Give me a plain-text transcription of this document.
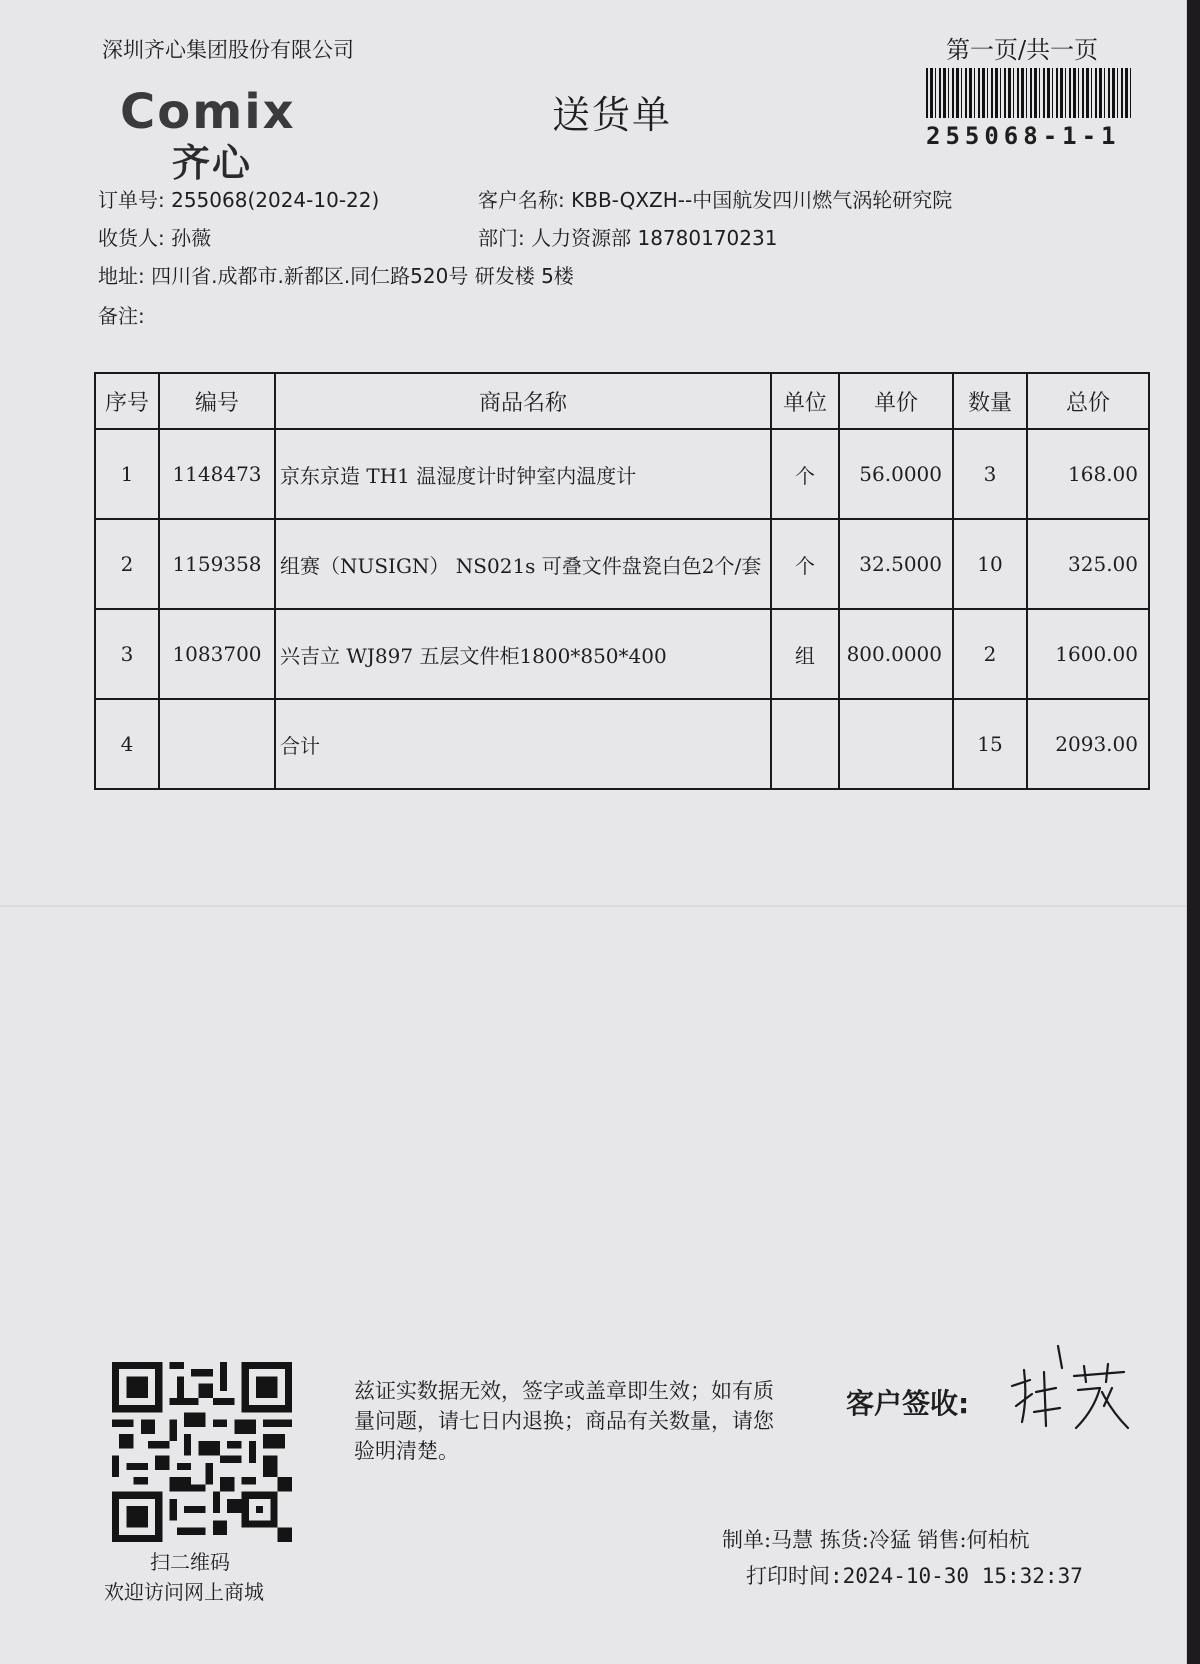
深圳齐心集团股份有限公司	第一页/共一页
Comix
齐心
送货单	255068-1-1
订单号: 255068(2024-10-22)	客户名称: KBB-QXZH--中国航发四川燃气涡轮研究院
收货人: 孙薇	部门: 人力资源部 18780170231
地址: 四川省.成都市.新都区.同仁路520号 研发楼 5楼
备注:
序号	编号	商品名称	单位	单价	数量	总价
1	1148473	京东京造 TH1 温湿度计时钟室内温度计	个	56.0000	3	168.00
2	1159358	组赛（NUSIGN） NS021s 可叠文件盘瓷白色2个/套	个	32.5000	10	325.00
3	1083700	兴吉立 WJ897 五层文件柜1800*850*400	组	800.0000	2	1600.00
4		合计			15	2093.00
扫二维码
欢迎访问网上商城
兹证实数据无效，签字或盖章即生效；如有质量问题，请七日内退换；商品有关数量，请您验明清楚。
客户签收:
制单:马慧 拣货:冷猛 销售:何柏杭
打印时间:2024-10-30 15:32:37
